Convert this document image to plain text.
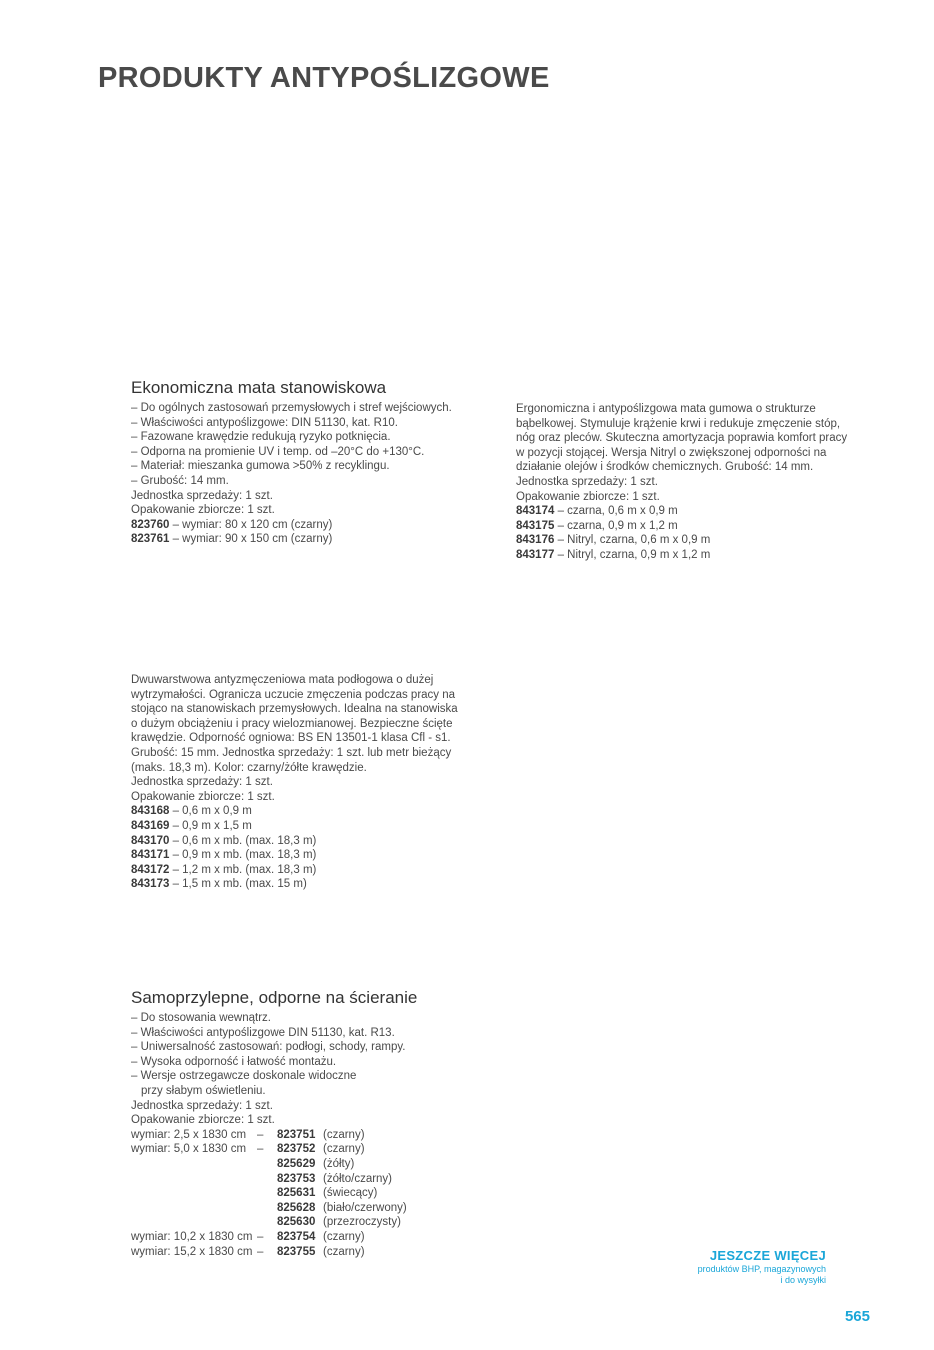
PRODUKTY ANTYPOŚLIZGOWE
Ekonomiczna mata stanowiskowa
– Do ogólnych zastosowań przemysłowych i stref wejściowych.
– Właściwości antypoślizgowe: DIN 51130, kat. R10.
– Fazowane krawędzie redukują ryzyko potknięcia.
– Odporna na promienie UV i temp. od –20°C do +130°C.
– Materiał: mieszanka gumowa >50% z recyklingu.
– Grubość: 14 mm.
Jednostka sprzedaży: 1 szt.
Opakowanie zbiorcze: 1 szt.
823760 – wymiar: 80 x 120 cm (czarny)
823761 – wymiar: 90 x 150 cm (czarny)
Ergonomiczna i antypoślizgowa mata gumowa o strukturze
bąbelkowej. Stymuluje krążenie krwi i redukuje zmęczenie stóp,
nóg oraz pleców. Skuteczna amortyzacja poprawia komfort pracy
w pozycji stojącej. Wersja Nitryl o zwiększonej odporności na
działanie olejów i środków chemicznych. Grubość: 14 mm.
Jednostka sprzedaży: 1 szt.
Opakowanie zbiorcze: 1 szt.
843174 – czarna, 0,6 m x 0,9 m
843175 – czarna, 0,9 m x 1,2 m
843176 – Nitryl, czarna, 0,6 m x 0,9 m
843177 – Nitryl, czarna, 0,9 m x 1,2 m
Dwuwarstwowa antyzmęczeniowa mata podłogowa o dużej
wytrzymałości. Ogranicza uczucie zmęczenia podczas pracy na
stojąco na stanowiskach przemysłowych. Idealna na stanowiska
o dużym obciążeniu i pracy wielozmianowej. Bezpieczne ścięte
krawędzie. Odporność ogniowa: BS EN 13501-1 klasa Cfl - s1.
Grubość: 15 mm. Jednostka sprzedaży: 1 szt. lub metr bieżący
(maks. 18,3 m). Kolor: czarny/żółte krawędzie.
Jednostka sprzedaży: 1 szt.
Opakowanie zbiorcze: 1 szt.
843168 – 0,6 m x 0,9 m
843169 – 0,9 m x 1,5 m
843170 – 0,6 m x mb. (max. 18,3 m)
843171 – 0,9 m x mb. (max. 18,3 m)
843172 – 1,2 m x mb. (max. 18,3 m)
843173 – 1,5 m x mb. (max. 15 m)
Samoprzylepne, odporne na ścieranie
– Do stosowania wewnątrz.
– Właściwości antypoślizgowe DIN 51130, kat. R13.
– Uniwersalność zastosowań: podłogi, schody, rampy.
– Wysoka odporność i łatwość montażu.
– Wersje ostrzegawcze doskonale widoczne
przy słabym oświetleniu.
Jednostka sprzedaży: 1 szt.
Opakowanie zbiorcze: 1 szt.
wymiar: 2,5 x 1830 cm	–	823751	(czarny)
wymiar: 5,0 x 1830 cm	–	823752	(czarny)
		825629	(żółty)
		823753	(żółto/czarny)
		825631	(świecący)
		825628	(biało/czerwony)
		825630	(przezroczysty)
wymiar: 10,2 x 1830 cm	–	823754	(czarny)
wymiar: 15,2 x 1830 cm	–	823755	(czarny)	JESZCZE WIĘCEJ
produktów BHP, magazynowych
i do wysyłki
565
